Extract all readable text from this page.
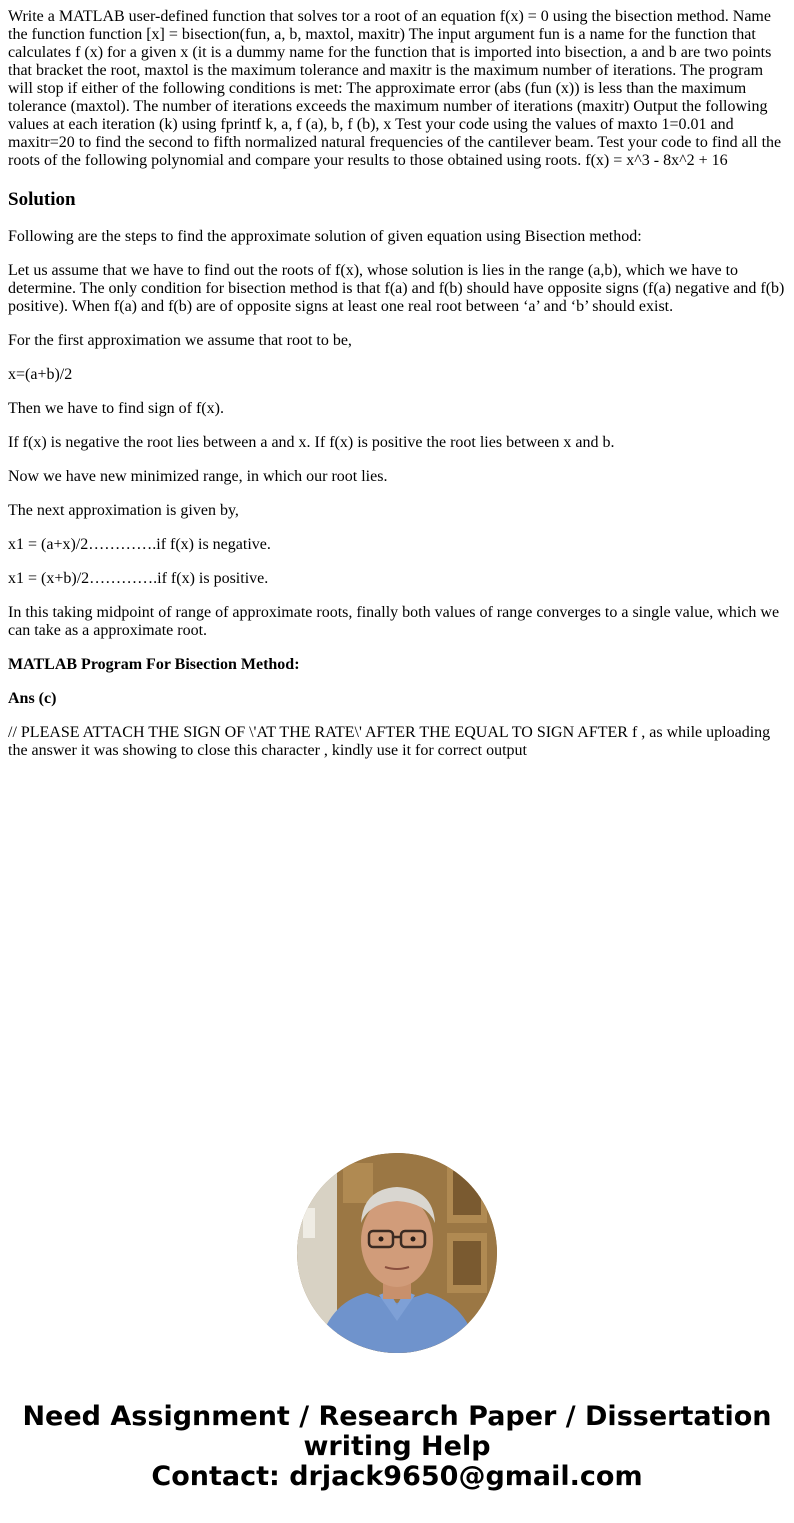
Write a MATLAB user-defined function that solves tor a root of an equation f(x) = 0 using the bisection method. Name the function function [x] = bisection(fun, a, b, maxtol, maxitr) The input argument fun is a name for the function that calculates f (x) for a given x (it is a dummy name for the function that is imported into bisection, a and b are two points that bracket the root, maxtol is the maximum tolerance and maxitr is the maximum number of iterations. The program will stop if either of the following conditions is met: The approximate error (abs (fun (x)) is less than the maximum tolerance (maxtol). The number of iterations exceeds the maximum number of iterations (maxitr) Output the following values at each iteration (k) using fprintf k, a, f (a), b, f (b), x Test your code using the values of maxto 1=0.01 and maxitr=20 to find the second to fifth normalized natural frequencies of the cantilever beam. Test your code to find all the roots of the following polynomial and compare your results to those obtained using roots. f(x) = x^3 - 8x^2 + 16

Solution

Following are the steps to find the approximate solution of given equation using Bisection method:

Let us assume that we have to find out the roots of f(x), whose solution is lies in the range (a,b), which we have to determine. The only condition for bisection method is that f(a) and f(b) should have opposite signs (f(a) negative and f(b) positive). When f(a) and f(b) are of opposite signs at least one real root between ‘a’ and ‘b’ should exist.

For the first approximation we assume that root to be,

x=(a+b)/2

Then we have to find sign of f(x).

If f(x) is negative the root lies between a and x. If f(x) is positive the root lies between x and b.

Now we have new minimized range, in which our root lies.

The next approximation is given by,

x1 = (a+x)/2………….if f(x) is negative.

x1 = (x+b)/2………….if f(x) is positive.

In this taking midpoint of range of approximate roots, finally both values of range converges to a single value, which we can take as a approximate root.

MATLAB Program For Bisection Method:

Ans (c)

// PLEASE ATTACH THE SIGN OF \'AT THE RATE\' AFTER THE EQUAL TO SIGN AFTER f , as while uploading the answer it was showing to close this character , kindly use it for correct output

Need Assignment / Research Paper / Dissertation
writing Help
Contact: drjack9650@gmail.com
